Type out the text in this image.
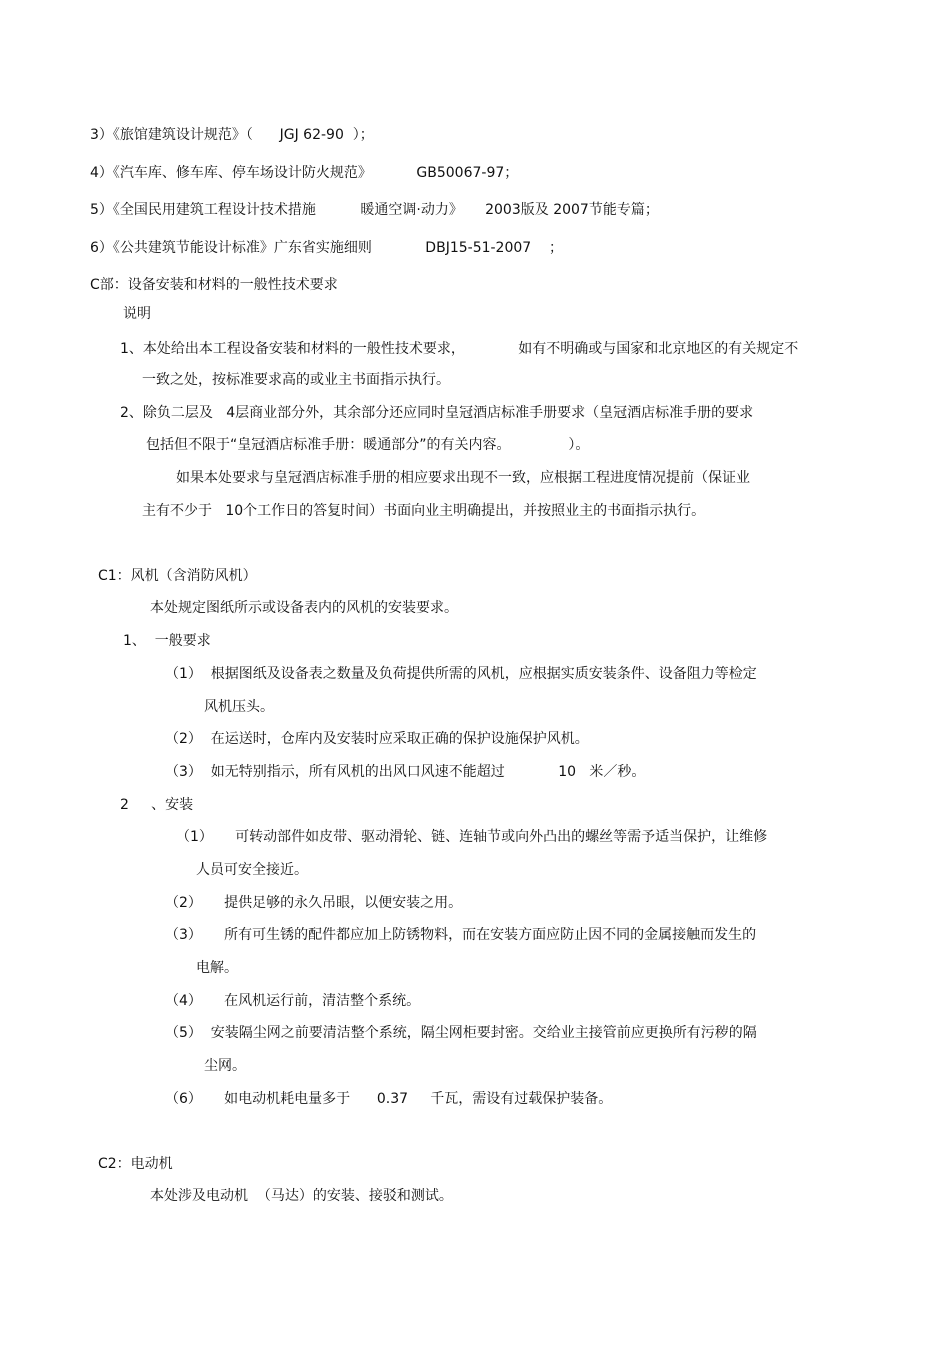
3）《旅馆建筑设计规范》（      JGJ 62-90  ）；
4）《汽车库、修车库、停车场设计防火规范》          GB50067-97；
5）《全国民用建筑工程设计技术措施          暖通空调·动力》     2003版及 2007节能专篇；
6）《公共建筑节能设计标准》广东省实施细则            DBJ15-51-2007    ；
C部：设备安装和材料的一般性技术要求
说明
1、本处给出本工程设备安装和材料的一般性技术要求，            如有不明确或与国家和北京地区的有关规定不
一致之处，按标准要求高的或业主书面指示执行。
2、除负二层及   4层商业部分外，其余部分还应同时皇冠酒店标准手册要求（皇冠酒店标准手册的要求
包括但不限于“皇冠酒店标准手册：暖通部分”的有关内容。             ）。
如果本处要求与皇冠酒店标准手册的相应要求出现不一致，应根据工程进度情况提前（保证业
主有不少于   10个工作日的答复时间）书面向业主明确提出，并按照业主的书面指示执行。
C1：风机（含消防风机）
本处规定图纸所示或设备表内的风机的安装要求。
1、  一般要求
（1）  根据图纸及设备表之数量及负荷提供所需的风机，应根据实质安装条件、设备阻力等检定
风机压头。
（2）  在运送时，仓库内及安装时应采取正确的保护设施保护风机。
（3）  如无特别指示，所有风机的出风口风速不能超过            10   米／秒。
2     、安装
（1）     可转动部件如皮带、驱动滑轮、链、连轴节或向外凸出的螺丝等需予适当保护，让维修
人员可安全接近。
（2）     提供足够的永久吊眼，以便安装之用。
（3）     所有可生锈的配件都应加上防锈物料，而在安装方面应防止因不同的金属接触而发生的
电解。
（4）     在风机运行前，清洁整个系统。
（5）  安装隔尘网之前要清洁整个系统，隔尘网柜要封密。交给业主接管前应更换所有污秽的隔
尘网。
（6）     如电动机耗电量多于      0.37     千瓦，需设有过载保护装备。
C2：电动机
本处涉及电动机  （马达）的安装、接驳和测试。
